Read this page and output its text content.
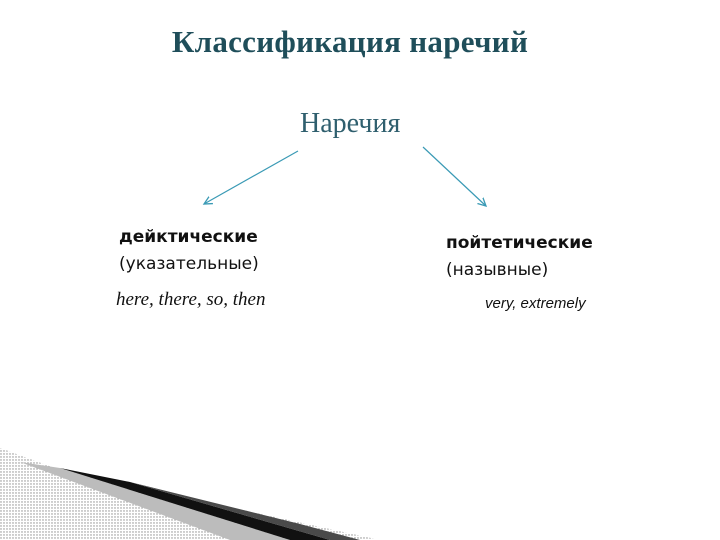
Классификация наречий
Наречия
дейктические
(указательные)
here, there, so, then
пойтетические
(назывные)
very, extremely
